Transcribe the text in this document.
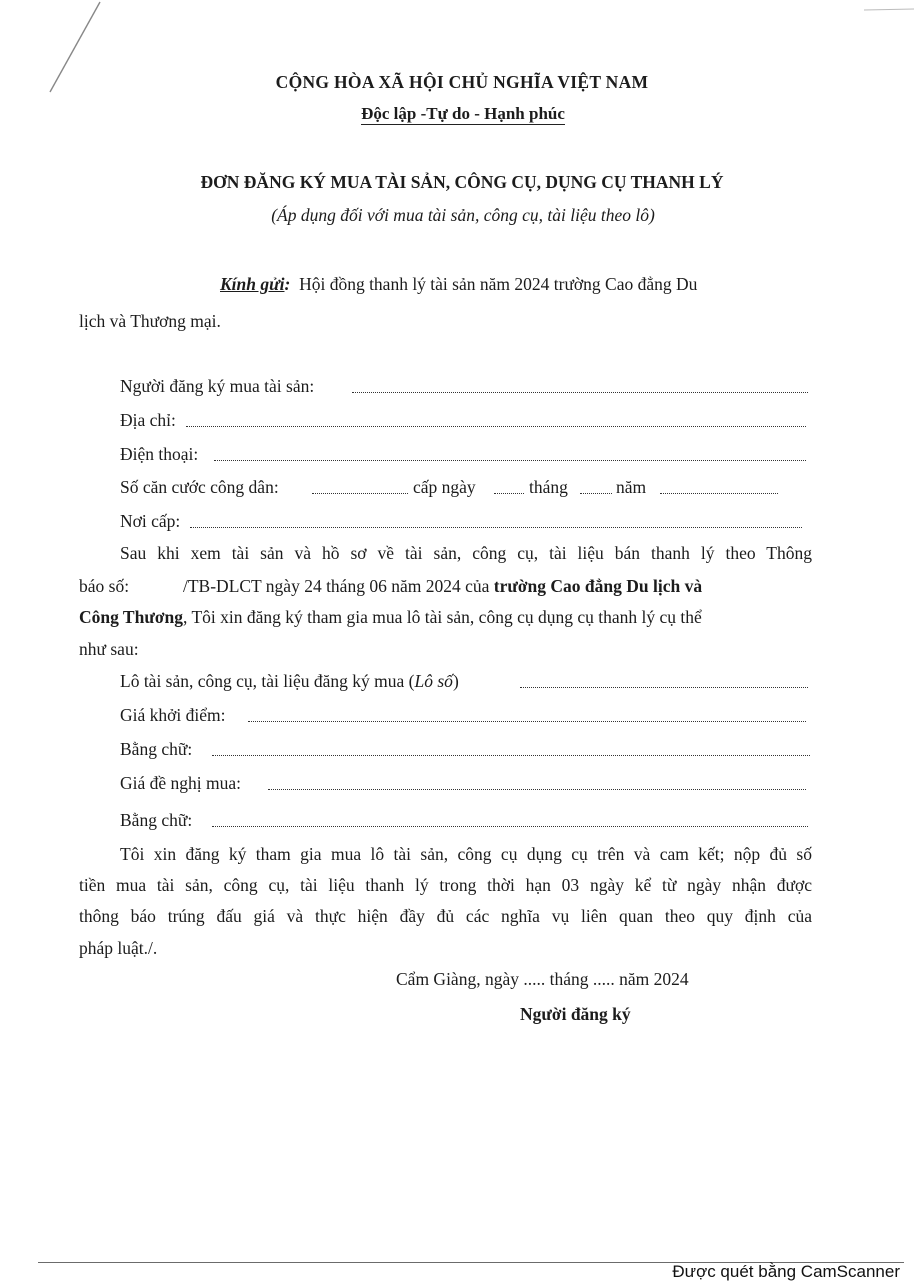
CỘNG HÒA XÃ HỘI CHỦ NGHĨA VIỆT NAM
Độc lập -Tự do - Hạnh phúc
ĐƠN ĐĂNG KÝ MUA TÀI SẢN, CÔNG CỤ, DỤNG CỤ THANH LÝ
(Áp dụng đối với mua tài sản, công cụ, tài liệu theo lô)
Kính gửi: Hội đồng thanh lý tài sản năm 2024 trường Cao đẳng Du
lịch và Thương mại.
Người đăng ký mua tài sản:
Địa chỉ:
Điện thoại:
Số căn cước công dân:	cấp ngày	tháng	năm
Nơi cấp:
Sau khi xem tài sản và hồ sơ về tài sản, công cụ, tài liệu bán thanh lý theo Thông
báo số:	/TB-DLCT ngày 24 tháng 06 năm 2024 của trường Cao đẳng Du lịch và
Công Thương, Tôi xin đăng ký tham gia mua lô tài sản, công cụ dụng cụ thanh lý cụ thể
như sau:
Lô tài sản, công cụ, tài liệu đăng ký mua (Lô số)
Giá khởi điểm:
Bằng chữ:
Giá đề nghị mua:
Bằng chữ:
Tôi xin đăng ký tham gia mua lô tài sản, công cụ dụng cụ trên và cam kết; nộp đủ số
tiền mua tài sản, công cụ, tài liệu thanh lý trong thời hạn 03 ngày kể từ ngày nhận được
thông báo trúng đấu giá và thực hiện đầy đủ các nghĩa vụ liên quan theo quy định của
pháp luật./.
Cẩm Giàng, ngày ..... tháng ..... năm 2024
Người đăng ký
Được quét bằng CamScanner
